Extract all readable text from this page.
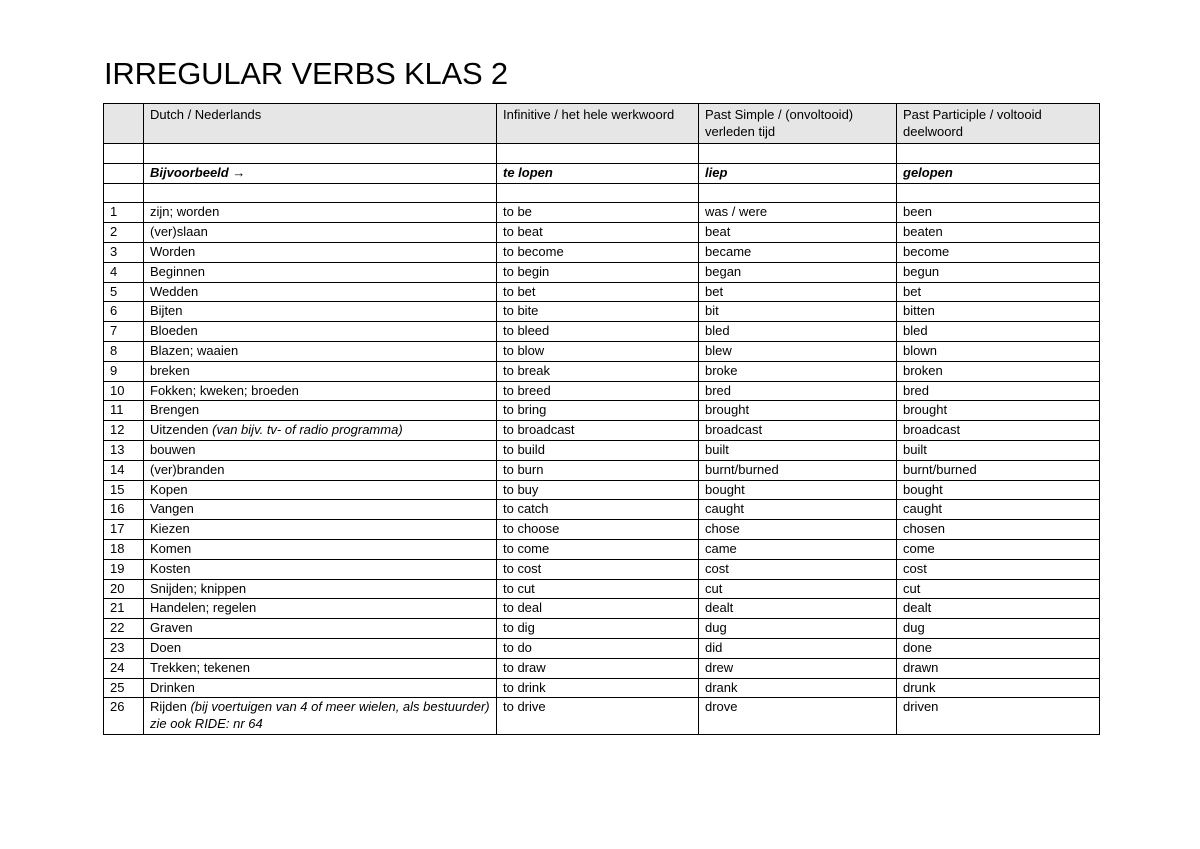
IRREGULAR VERBS KLAS 2
	Dutch / Nederlands	Infinitive / het hele werkwoord	Past Simple / (onvoltooid) verleden tijd	Past Participle / voltooid deelwoord

	Bijvoorbeeld →	te lopen	liep	gelopen

1	zijn; worden	to be	was / were	been
2	(ver)slaan	to beat	beat	beaten
3	Worden	to become	became	become
4	Beginnen	to begin	began	begun
5	Wedden	to bet	bet	bet
6	Bijten	to bite	bit	bitten
7	Bloeden	to bleed	bled	bled
8	Blazen; waaien	to blow	blew	blown
9	breken	to break	broke	broken
10	Fokken; kweken; broeden	to breed	bred	bred
11	Brengen	to bring	brought	brought
12	Uitzenden (van bijv. tv- of radio programma)	to broadcast	broadcast	broadcast
13	bouwen	to build	built	built
14	(ver)branden	to burn	burnt/burned	burnt/burned
15	Kopen	to buy	bought	bought
16	Vangen	to catch	caught	caught
17	Kiezen	to choose	chose	chosen
18	Komen	to come	came	come
19	Kosten	to cost	cost	cost
20	Snijden; knippen	to cut	cut	cut
21	Handelen; regelen	to deal	dealt	dealt
22	Graven	to dig	dug	dug
23	Doen	to do	did	done
24	Trekken; tekenen	to draw	drew	drawn
25	Drinken	to drink	drank	drunk
26	Rijden (bij voertuigen van 4 of meer wielen, als bestuurder) zie ook RIDE: nr 64	to drive	drove	driven
